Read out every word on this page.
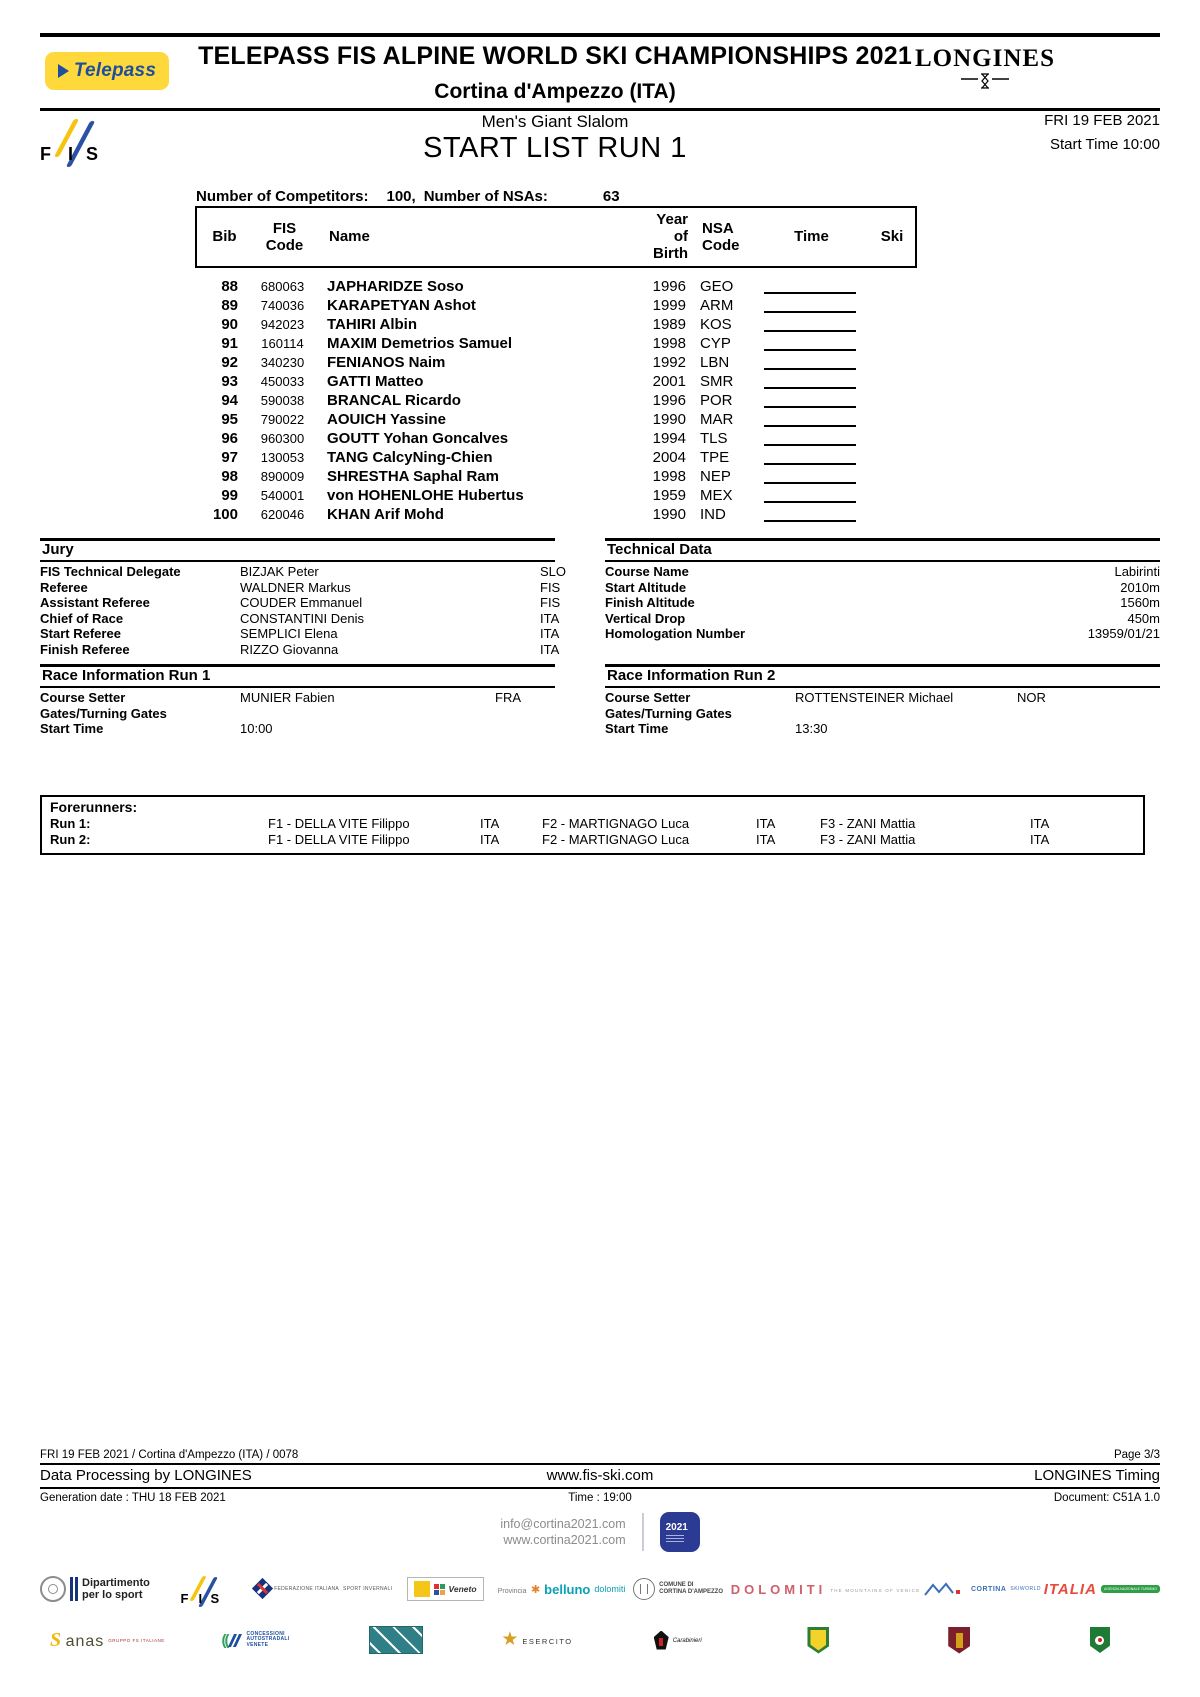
Telepass
TELEPASS FIS ALPINE WORLD SKI CHAMPIONSHIPS 2021
Cortina d'Ampezzo (ITA)
LONGINES
F I S
Men's Giant Slalom
START LIST RUN 1
FRI 19 FEB 2021
Start Time 10:00
Number of Competitors: 100, Number of NSAs:	63
Bib FIS
Code Name
Year of
Birth
NSA
Code	Time	Ski
88	680063	JAPHARIDZE Soso	1996 GEO
89	740036	KARAPETYAN Ashot	1999 ARM
90	942023	TAHIRI Albin	1989 KOS
91	160114	MAXIM Demetrios Samuel	1998 CYP
92	340230	FENIANOS Naim	1992 LBN
93	450033	GATTI Matteo	2001 SMR
94	590038	BRANCAL Ricardo	1996 POR
95	790022	AOUICH Yassine	1990 MAR
96	960300	GOUTT Yohan Goncalves	1994 TLS
97	130053	TANG CalcyNing-Chien	2004 TPE
98	890009	SHRESTHA Saphal Ram	1998 NEP
99	540001	von HOHENLOHE Hubertus	1959 MEX
100	620046	KHAN Arif Mohd	1990 IND
Jury
FIS Technical Delegate	BIZJAK Peter	SLO
Referee	WALDNER Markus	FIS
Assistant Referee	COUDER Emmanuel	FIS
Chief of Race	CONSTANTINI Denis	ITA
Start Referee	SEMPLICI Elena	ITA
Finish Referee	RIZZO Giovanna	ITA
Technical Data
Course Name	Labirinti
Start Altitude	2010m
Finish Altitude	1560m
Vertical Drop	450m
Homologation Number	13959/01/21
Race Information Run 1
Course Setter	MUNIER Fabien	FRA
Gates/Turning Gates
Start Time	10:00
Race Information Run 2
Course Setter	ROTTENSTEINER Michael	NOR
Gates/Turning Gates
Start Time	13:30
Forerunners:
Run 1:	F1 - DELLA VITE Filippo	ITA	F2 - MARTIGNAGO Luca	ITA	F3 - ZANI Mattia	ITA
Run 2:	F1 - DELLA VITE Filippo	ITA	F2 - MARTIGNAGO Luca	ITA	F3 - ZANI Mattia	ITA
FRI 19 FEB 2021 / Cortina d'Ampezzo (ITA) / 0078	Page 3/3
Data Processing by LONGINES	www.fis-ski.com	LONGINES Timing
Generation date : THU 18 FEB 2021	Time : 19:00	Document: C51A 1.0
info@cortina2021.com
www.cortina2021.com
2021
Dipartimento
per lo sport	F I S
FEDERAZIONE ITALIANA SPORT INVERNALI	Veneto	Provincia ✱ belluno dolomiti	COMUNE DI
CORTINA D'AMPEZZO DOLOMITI THE MOUNTAINS OF VENICE	CORTINA SKIWORLD ITALIA	AGENZIA NAZIONALE TURISMO
S anas GRUPPO FS ITALIANE	((	CONCESSIONI
AUTOSTRADALI
VENETE	★ ESERCITO	Carabinieri
